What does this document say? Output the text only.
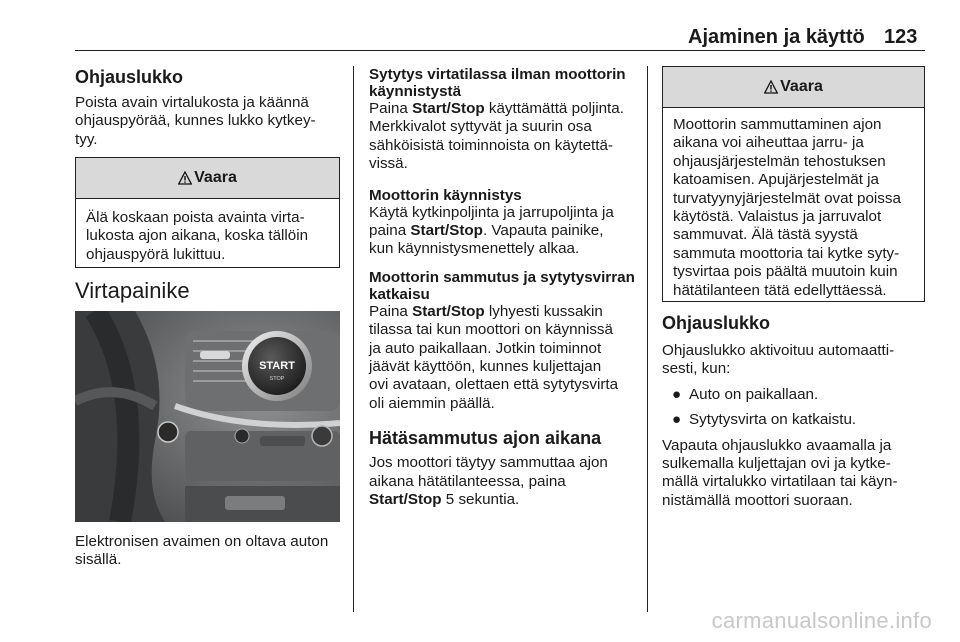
Ajaminen ja käyttö 123

Ohjauslukko

Poista avain virtalukosta ja käännä

ohjauspyörää, kunnes lukko kytkey-

tyy.

Vaara

Älä koskaan poista avainta virta-

lukosta ajon aikana, koska tällöin

ohjauspyörä lukittuu.

Virtapainike

START
STOP

Elektronisen avaimen on oltava auton

sisällä.

Sytytys virtatilassa ilman moottorin

käynnistystä

Paina Start/Stop käyttämättä poljinta.

Merkkivalot syttyvät ja suurin osa

sähköisistä toiminnoista on käytettä-

vissä.

Moottorin käynnistys

Käytä kytkinpoljinta ja jarrupoljinta ja

paina Start/Stop. Vapauta painike,

kun käynnistysmenettely alkaa.

Moottorin sammutus ja sytytysvirran

katkaisu

Paina Start/Stop lyhyesti kussakin

tilassa tai kun moottori on käynnissä

ja auto paikallaan. Jotkin toiminnot

jäävät käyttöön, kunnes kuljettajan

ovi avataan, olettaen että sytytysvirta

oli aiemmin päällä.

Hätäsammutus ajon aikana

Jos moottori täytyy sammuttaa ajon

aikana hätätilanteessa, paina

Start/Stop 5 sekuntia.

Vaara

Moottorin sammuttaminen ajon

aikana voi aiheuttaa jarru- ja

ohjausjärjestelmän tehostuksen

katoamisen. Apujärjestelmät ja

turvatyynyjärjestelmät ovat poissa

käytöstä. Valaistus ja jarruvalot

sammuvat. Älä tästä syystä

sammuta moottoria tai kytke syty-

tysvirtaa pois päältä muutoin kuin

hätätilanteen tätä edellyttäessä.

Ohjauslukko

Ohjauslukko aktivoituu automaatti-

sesti, kun:

● Auto on paikallaan.

● Sytytysvirta on katkaistu.

Vapauta ohjauslukko avaamalla ja

sulkemalla kuljettajan ovi ja kytke-

mällä virtalukko virtatilaan tai käyn-

nistämällä moottori suoraan.

carmanualsonline.info
